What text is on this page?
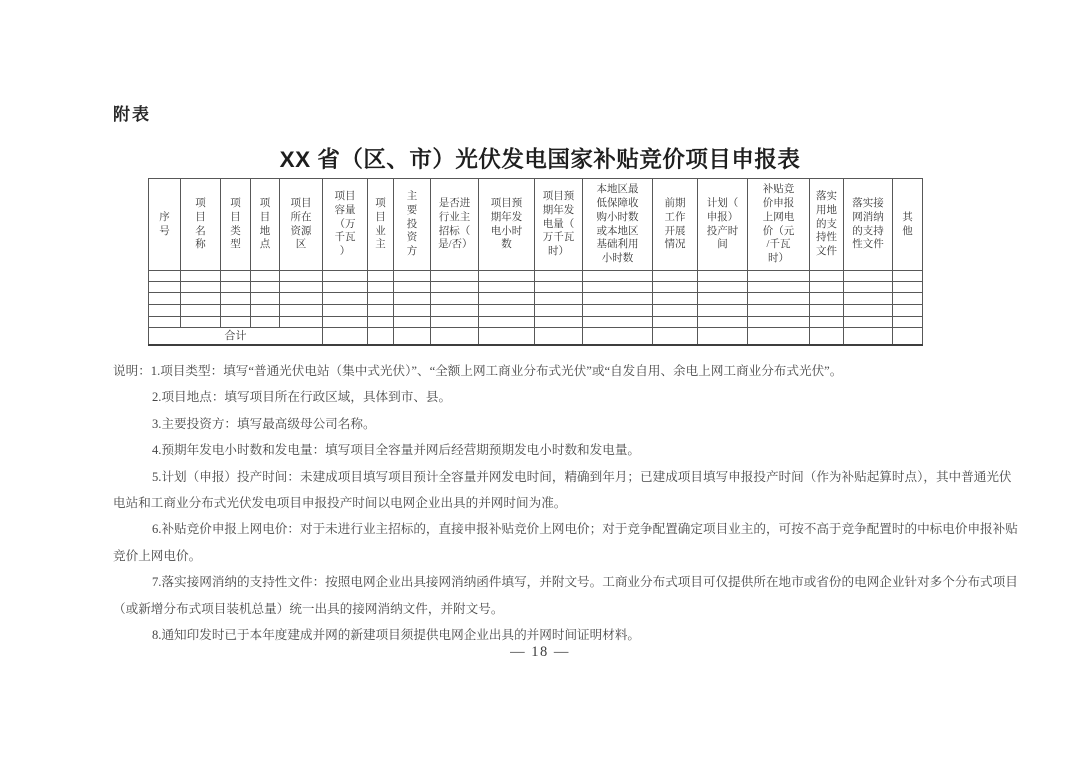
附表
XX 省（区、市）光伏发电国家补贴竞价项目申报表
序号	项目名称	项目类型	项目地点	项目所在资源区	项目容量（万千瓦）	项目业主	主要投资方	是否进行业主招标（是/否）	项目预期年发电小时数	项目预期年发电量（万千瓦时）	本地区最低保障收购小时数或本地区基础利用小时数	前期工作开展情况	计划（申报）投产时间	补贴竞价申报上网电价（元/千瓦时）	落实用地的支持性文件	落实接网消纳的支持性文件	其他

合计																	
说明：1.项目类型：填写“普通光伏电站（集中式光伏）”、“全额上网工商业分布式光伏”或“自发自用、余电上网工商业分布式光伏”。
2.项目地点：填写项目所在行政区域，具体到市、县。
3.主要投资方：填写最高级母公司名称。
4.预期年发电小时数和发电量：填写项目全容量并网后经营期预期发电小时数和发电量。
5.计划（申报）投产时间：未建成项目填写项目预计全容量并网发电时间，精确到年月；已建成项目填写申报投产时间（作为补贴起算时点），其中普通光伏
电站和工商业分布式光伏发电项目申报投产时间以电网企业出具的并网时间为准。
6.补贴竞价申报上网电价：对于未进行业主招标的，直接申报补贴竞价上网电价；对于竞争配置确定项目业主的，可按不高于竞争配置时的中标电价申报补贴
竞价上网电价。
7.落实接网消纳的支持性文件：按照电网企业出具接网消纳函件填写，并附文号。工商业分布式项目可仅提供所在地市或省份的电网企业针对多个分布式项目
（或新增分布式项目装机总量）统一出具的接网消纳文件，并附文号。
8.通知印发时已于本年度建成并网的新建项目须提供电网企业出具的并网时间证明材料。
— 18 —
